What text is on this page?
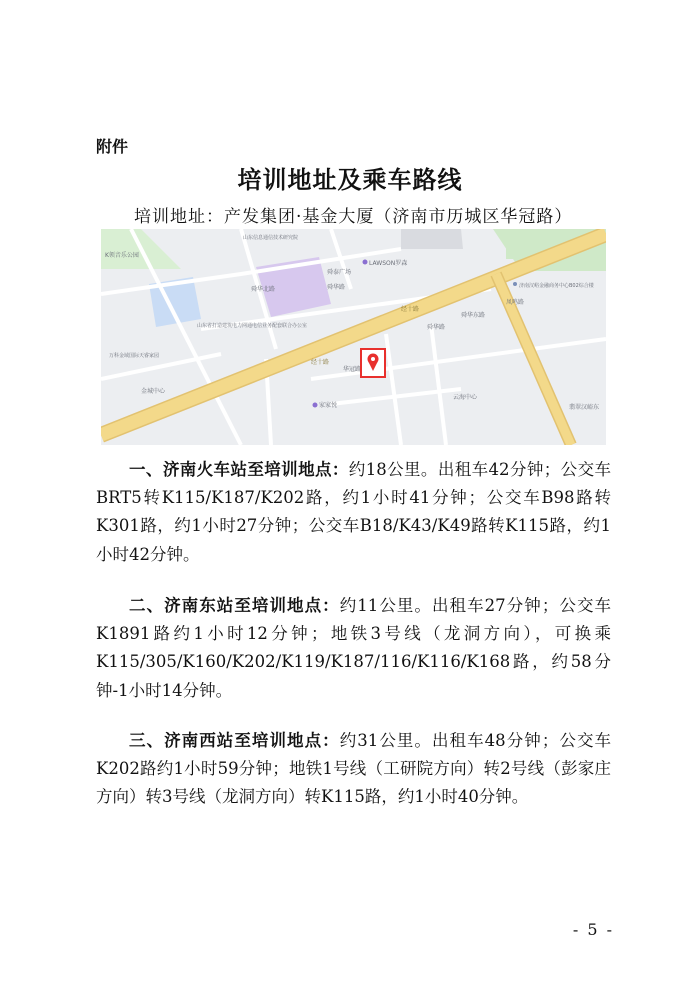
附件
培训地址及乘车路线
培训地址：产发集团·基金大厦（济南市历城区华冠路）
LAWSON罗森
经十路
经十路
舜华北路	舜华路
舜华东路
家家悦
华冠路
济南汉峪金融商务中心B02综合楼
山东信息通信技术研究院
山东省打造建筑电力网通电信业务配套联合办公室
万科金域国际天睿家园
金城中心
云海中心
凤鸣路
翡翠汉峪东
K领音乐公园
舜华路
舜泰广场
一、济南火车站至培训地点：约18公里。出租车42分钟；公交车BRT5转K115/K187/K202路，约1小时41分钟；公交车B98路转K301路，约1小时27分钟；公交车B18/K43/K49路转K115路，约1小时42分钟。
二、济南东站至培训地点：约11公里。出租车27分钟；公交车K1891路约1小时12分钟；地铁3号线（龙洞方向），可换乘K115/305/K160/K202/K119/K187/116/K116/K168路，约58分钟-1小时14分钟。
三、济南西站至培训地点：约31公里。出租车48分钟；公交车K202路约1小时59分钟；地铁1号线（工研院方向）转2号线（彭家庄方向）转3号线（龙洞方向）转K115路，约1小时40分钟。
- 5 -
